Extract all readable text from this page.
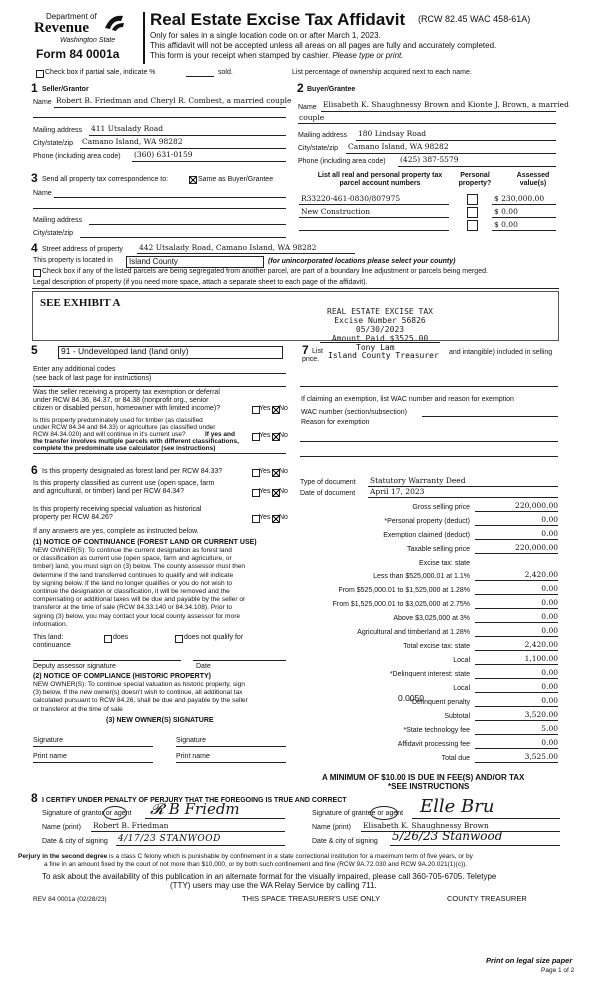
Department of
Revenue
Washington State
Form 84 0001a
Real Estate Excise Tax Affidavit (RCW 82.45 WAC 458-61A)
Only for sales in a single location code on or after March 1, 2023.
This affidavit will not be accepted unless all areas on all pages are fully and accurately completed.
This form is your receipt when stamped by cashier. Please type or print.
Check box if partial sale, indicate %	sold.	List percentage of ownership acquired next to each name.
1 Seller/Grantor
Name Robert B. Friedman and Cheryl R. Combest, a married couple
Mailing address 411 Utsalady Road
City/state/zip Camano Island, WA 98282
Phone (including area code) (360) 631-0159
2 Buyer/Grantee
Name Elisabeth K. Shaughnessy Brown and Kionte J. Brown, a married
couple
Mailing address 180 Lindsay Road
City/state/zip Camano Island, WA 98282
Phone (including area code) (425) 387-5579
3 Send all property tax correspondence to:	Same as Buyer/Grantee
Name
Mailing address
City/state/zip
List all real and personal property tax
parcel account numbers
Personal
property?
Assessed
value(s)
R33220-461-0830/807975	$ 230,000.00
New Construction	$ 0.00
$ 0.00
4 Street address of property 442 Utsalady Road, Camano Island, WA 98282
This property is located in Island County	(for unincorporated locations please select your county)
Check box if any of the listed parcels are being segregated from another parcel, are part of a boundary line adjustment or parcels being merged.
Legal description of property (if you need more space, attach a separate sheet to each page of the affidavit).
SEE EXHIBIT A
REAL ESTATE EXCISE TAX
Excise Number 56826
05/30/2023
Amount Paid $3525.00
Tony Lam
Island County Treasurer
5	91 - Undeveloped land (land only)	7 List
price.
and intangible) included in selling
Enter any additional codes
(see back of last page for instructions)
Was the seller receiving a property tax exemption or deferral
under RCW 84.36, 84.37, or 84.38 (nonprofit org., senior
citizen or disabled person, homeowner with limited income)?	Yes No
Is this property predominately used for timber (as classified
under RCW 84.34 and 84.33) or agriculture (as classified under
RCW 84.34.020) and will continue in it's current use?	If yes and
the transfer involves multiple parcels with different classifications,
complete the predominate use calculator (see instructions)
Yes No
If claiming an exemption, list WAC number and reason for exemption
WAC number (section/subsection)
Reason for exemption
6 Is this property designated as forest land per RCW 84.33?	Yes No
Is this property classified as current use (open space, farm
and agricultural, or timber) land per RCW 84.34?	Yes No
Is this property receiving special valuation as historical
property per RCW 84.26?	Yes No
If any answers are yes, complete as instructed below.
(1) NOTICE OF CONTINUANCE (FOREST LAND OR CURRENT USE)
NEW OWNER(S): To continue the current designation as forest land
or classification as current use (open space, farm and agriculture, or
timber) land, you must sign on (3) below. The county assessor must then
determine if the land transferred continues to qualify and will indicate
by signing below. If the land no longer qualifies or you do not wish to
continue the designation or classification, it will be removed and the
compensating or additional taxes will be due and payable by the seller or
transferor at the time of sale (RCW 84.33.140 or 84.34.108). Prior to
signing (3) below, you may contact your local county assessor for more
information.
This land:
continuance
does	does not qualify for
Deputy assessor signature	Date
(2) NOTICE OF COMPLIANCE (HISTORIC PROPERTY)
NEW OWNER(S): To continue special valuation as historic property, sign
(3) below. If the new owner(s) doesn't wish to continue, all additional tax
calculated pursuant to RCW 84.26, shall be due and payable by the seller
or transferor at the time of sale
(3) NEW OWNER(S) SIGNATURE
Signature	Signature
Print name	Print name
Type of document Statutory Warranty Deed
Date of document April 17, 2023
Gross selling price	220,000.00
*Personal property (deduct)	0.00
Exemption claimed (deduct)	0.00
Taxable selling price	220,000.00
Excise tax: state
Less than $525,000.01 at 1.1%	2,420.00
From $525,000.01 to $1,525,000 at 1.28%	0.00
From $1,525,000.01 to $3,025,000 at 2.75%	0.00
Above $3,025,000 at 3%	0.00
Agricultural and timberland at 1.28%	0.00
Total excise tax: state	2,420.00
Local	1,100.00
*Delinquent interest: state	0.00
Local	0.00
*Delinquent penalty	0.00
Subtotal	3,520.00
*State technology fee	5.00
Affidavit processing fee	0.00
Total due	3,525.00
0.0050
A MINIMUM OF $10.00 IS DUE IN FEE(S) AND/OR TAX
*SEE INSTRUCTIONS
8 I CERTIFY UNDER PENALTY OF PERJURY THAT THE FOREGOING IS TRUE AND CORRECT
Signature of grantor or agent 𝓡 B Friedm
Name (print) Robert B. Friedman
Date & city of signing 4/17/23 STANWOOD
Signature of grantee or agent Elle Bru
Name (print) Elisabeth K. Shaughnessy Brown
Date & city of signing 5/26/23 Stanwood
Perjury in the second degree is a class C felony which is punishable by confinement in a state correctional institution for a maximum term of five years, or by
a fine in an amount fixed by the court of not more than $10,000, or by both such confinement and fine (RCW 9A.72.030 and RCW 9A.20.021(1)(c)).
To ask about the availability of this publication in an alternate format for the visually impaired, please call 360-705-6705. Teletype
(TTY) users may use the WA Relay Service by calling 711.
REV 84 0001a (02/28/23)	THIS SPACE TREASURER'S USE ONLY	COUNTY TREASURER
Print on legal size paper
Page 1 of 2
